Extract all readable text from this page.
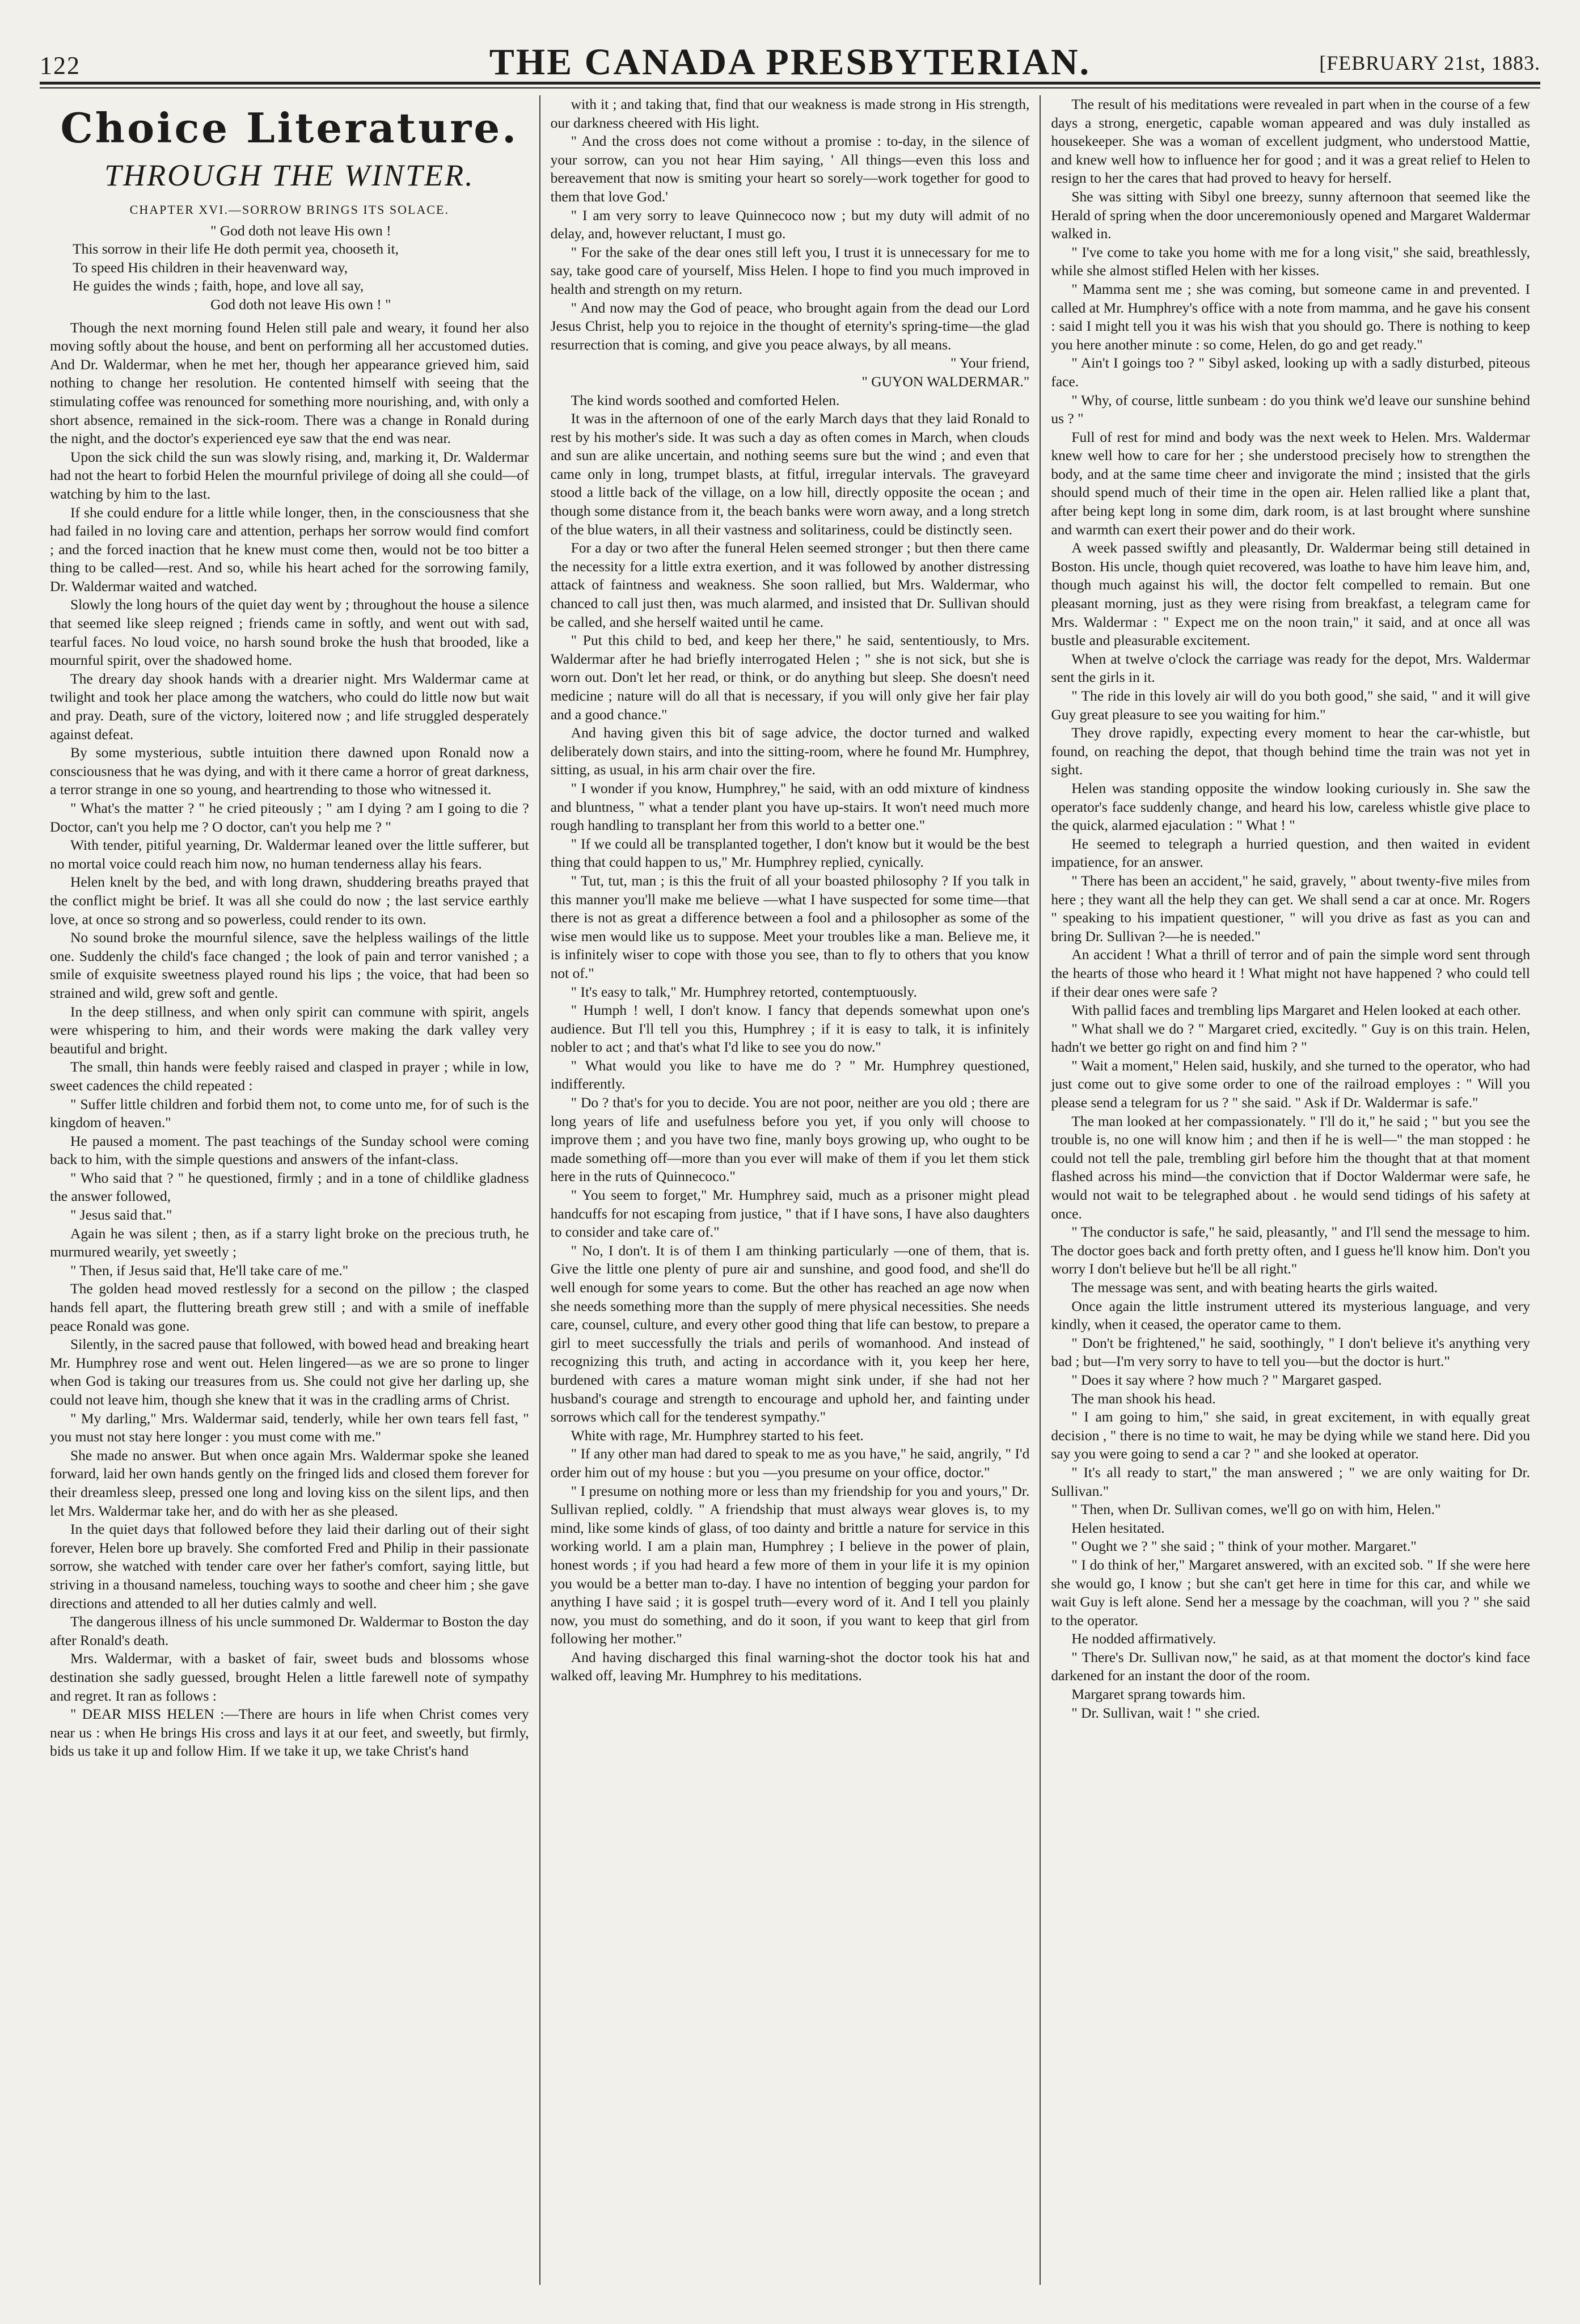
122	THE CANADA PRESBYTERIAN.	[FEBRUARY 21st, 1883.
Choice Literature.
THROUGH THE WINTER.
CHAPTER XVI.—SORROW BRINGS ITS SOLACE.
" God doth not leave His own !
This sorrow in their life He doth permit yea, chooseth it,
To speed His children in their heavenward way,
He guides the winds ; faith, hope, and love all say,
God doth not leave His own ! "

Though the next morning found Helen still pale and weary, it found her also moving softly about the house, and bent on performing all her accustomed duties. And Dr. Waldermar, when he met her, though her appearance grieved him, said nothing to change her resolution. He contented himself with seeing that the stimulating coffee was renounced for something more nourishing, and, with only a short absence, remained in the sick-room. There was a change in Ronald during the night, and the doctor's experienced eye saw that the end was near.

Upon the sick child the sun was slowly rising, and, marking it, Dr. Waldermar had not the heart to forbid Helen the mournful privilege of doing all she could—of watching by him to the last.

If she could endure for a little while longer, then, in the consciousness that she had failed in no loving care and attention, perhaps her sorrow would find comfort ; and the forced inaction that he knew must come then, would not be too bitter a thing to be called—rest. And so, while his heart ached for the sorrowing family, Dr. Waldermar waited and watched.

Slowly the long hours of the quiet day went by ; throughout the house a silence that seemed like sleep reigned ; friends came in softly, and went out with sad, tearful faces. No loud voice, no harsh sound broke the hush that brooded, like a mournful spirit, over the shadowed home.

The dreary day shook hands with a drearier night. Mrs Waldermar came at twilight and took her place among the watchers, who could do little now but wait and pray. Death, sure of the victory, loitered now ; and life struggled desperately against defeat.

By some mysterious, subtle intuition there dawned upon Ronald now a consciousness that he was dying, and with it there came a horror of great darkness, a terror strange in one so young, and heartrending to those who witnessed it.

" What's the matter ? " he cried piteously ; " am I dying ? am I going to die ? Doctor, can't you help me ? O doctor, can't you help me ? "

With tender, pitiful yearning, Dr. Waldermar leaned over the little sufferer, but no mortal voice could reach him now, no human tenderness allay his fears.

Helen knelt by the bed, and with long drawn, shuddering breaths prayed that the conflict might be brief. It was all she could do now ; the last service earthly love, at once so strong and so powerless, could render to its own.

No sound broke the mournful silence, save the helpless wailings of the little one. Suddenly the child's face changed ; the look of pain and terror vanished ; a smile of exquisite sweetness played round his lips ; the voice, that had been so strained and wild, grew soft and gentle.

In the deep stillness, and when only spirit can commune with spirit, angels were whispering to him, and their words were making the dark valley very beautiful and bright.

The small, thin hands were feebly raised and clasped in prayer ; while in low, sweet cadences the child repeated :

" Suffer little children and forbid them not, to come unto me, for of such is the kingdom of heaven."

He paused a moment. The past teachings of the Sunday school were coming back to him, with the simple questions and answers of the infant-class.

" Who said that ? " he questioned, firmly ; and in a tone of childlike gladness the answer followed,

" Jesus said that."

Again he was silent ; then, as if a starry light broke on the precious truth, he murmured wearily, yet sweetly ;

" Then, if Jesus said that, He'll take care of me."

The golden head moved restlessly for a second on the pillow ; the clasped hands fell apart, the fluttering breath grew still ; and with a smile of ineffable peace Ronald was gone.

Silently, in the sacred pause that followed, with bowed head and breaking heart Mr. Humphrey rose and went out. Helen lingered—as we are so prone to linger when God is taking our treasures from us. She could not give her darling up, she could not leave him, though she knew that it was in the cradling arms of Christ.

" My darling," Mrs. Waldermar said, tenderly, while her own tears fell fast, " you must not stay here longer : you must come with me."

She made no answer. But when once again Mrs. Waldermar spoke she leaned forward, laid her own hands gently on the fringed lids and closed them forever for their dreamless sleep, pressed one long and loving kiss on the silent lips, and then let Mrs. Waldermar take her, and do with her as she pleased.

In the quiet days that followed before they laid their darling out of their sight forever, Helen bore up bravely. She comforted Fred and Philip in their passionate sorrow, she watched with tender care over her father's comfort, saying little, but striving in a thousand nameless, touching ways to soothe and cheer him ; she gave directions and attended to all her duties calmly and well.

The dangerous illness of his uncle summoned Dr. Waldermar to Boston the day after Ronald's death.

Mrs. Waldermar, with a basket of fair, sweet buds and blossoms whose destination she sadly guessed, brought Helen a little farewell note of sympathy and regret. It ran as follows :

" DEAR MISS HELEN :—There are hours in life when Christ comes very near us : when He brings His cross and lays it at our feet, and sweetly, but firmly, bids us take it up and follow Him. If we take it up, we take Christ's hand

with it ; and taking that, find that our weakness is made strong in His strength, our darkness cheered with His light.

" And the cross does not come without a promise : to-day, in the silence of your sorrow, can you not hear Him saying, ' All things—even this loss and bereavement that now is smiting your heart so sorely—work together for good to them that love God.'

" I am very sorry to leave Quinnecoco now ; but my duty will admit of no delay, and, however reluctant, I must go.

" For the sake of the dear ones still left you, I trust it is unnecessary for me to say, take good care of yourself, Miss Helen. I hope to find you much improved in health and strength on my return.

" And now may the God of peace, who brought again from the dead our Lord Jesus Christ, help you to rejoice in the thought of eternity's spring-time—the glad resurrection that is coming, and give you peace always, by all means.

" Your friend,

" GUYON WALDERMAR."

The kind words soothed and comforted Helen.

It was in the afternoon of one of the early March days that they laid Ronald to rest by his mother's side. It was such a day as often comes in March, when clouds and sun are alike uncertain, and nothing seems sure but the wind ; and even that came only in long, trumpet blasts, at fitful, irregular intervals. The graveyard stood a little back of the village, on a low hill, directly opposite the ocean ; and though some distance from it, the beach banks were worn away, and a long stretch of the blue waters, in all their vastness and solitariness, could be distinctly seen.

For a day or two after the funeral Helen seemed stronger ; but then there came the necessity for a little extra exertion, and it was followed by another distressing attack of faintness and weakness. She soon rallied, but Mrs. Waldermar, who chanced to call just then, was much alarmed, and insisted that Dr. Sullivan should be called, and she herself waited until he came.

" Put this child to bed, and keep her there," he said, sententiously, to Mrs. Waldermar after he had briefly interrogated Helen ; " she is not sick, but she is worn out. Don't let her read, or think, or do anything but sleep. She doesn't need medicine ; nature will do all that is necessary, if you will only give her fair play and a good chance."

And having given this bit of sage advice, the doctor turned and walked deliberately down stairs, and into the sitting-room, where he found Mr. Humphrey, sitting, as usual, in his arm chair over the fire.

" I wonder if you know, Humphrey," he said, with an odd mixture of kindness and bluntness, " what a tender plant you have up-stairs. It won't need much more rough handling to transplant her from this world to a better one."

" If we could all be transplanted together, I don't know but it would be the best thing that could happen to us," Mr. Humphrey replied, cynically.

" Tut, tut, man ; is this the fruit of all your boasted philosophy ? If you talk in this manner you'll make me believe —what I have suspected for some time—that there is not as great a difference between a fool and a philosopher as some of the wise men would like us to suppose. Meet your troubles like a man. Believe me, it is infinitely wiser to cope with those you see, than to fly to others that you know not of."

" It's easy to talk," Mr. Humphrey retorted, contemptuously.

" Humph ! well, I don't know. I fancy that depends somewhat upon one's audience. But I'll tell you this, Humphrey ; if it is easy to talk, it is infinitely nobler to act ; and that's what I'd like to see you do now."

" What would you like to have me do ? " Mr. Humphrey questioned, indifferently.

" Do ? that's for you to decide. You are not poor, neither are you old ; there are long years of life and usefulness before you yet, if you only will choose to improve them ; and you have two fine, manly boys growing up, who ought to be made something off—more than you ever will make of them if you let them stick here in the ruts of Quinnecoco."

" You seem to forget," Mr. Humphrey said, much as a prisoner might plead handcuffs for not escaping from justice, " that if I have sons, I have also daughters to consider and take care of."

" No, I don't. It is of them I am thinking particularly —one of them, that is. Give the little one plenty of pure air and sunshine, and good food, and she'll do well enough for some years to come. But the other has reached an age now when she needs something more than the supply of mere physical necessities. She needs care, counsel, culture, and every other good thing that life can bestow, to prepare a girl to meet successfully the trials and perils of womanhood. And instead of recognizing this truth, and acting in accordance with it, you keep her here, burdened with cares a mature woman might sink under, if she had not her husband's courage and strength to encourage and uphold her, and fainting under sorrows which call for the tenderest sympathy."

White with rage, Mr. Humphrey started to his feet.

" If any other man had dared to speak to me as you have," he said, angrily, " I'd order him out of my house : but you —you presume on your office, doctor."

" I presume on nothing more or less than my friendship for you and yours," Dr. Sullivan replied, coldly. " A friendship that must always wear gloves is, to my mind, like some kinds of glass, of too dainty and brittle a nature for service in this working world. I am a plain man, Humphrey ; I believe in the power of plain, honest words ; if you had heard a few more of them in your life it is my opinion you would be a better man to-day. I have no intention of begging your pardon for anything I have said ; it is gospel truth—every word of it. And I tell you plainly now, you must do something, and do it soon, if you want to keep that girl from following her mother."

And having discharged this final warning-shot the doctor took his hat and walked off, leaving Mr. Humphrey to his meditations.

The result of his meditations were revealed in part when in the course of a few days a strong, energetic, capable woman appeared and was duly installed as housekeeper. She was a woman of excellent judgment, who understood Mattie, and knew well how to influence her for good ; and it was a great relief to Helen to resign to her the cares that had proved to heavy for herself.

She was sitting with Sibyl one breezy, sunny afternoon that seemed like the Herald of spring when the door unceremoniously opened and Margaret Waldermar walked in.

" I've come to take you home with me for a long visit," she said, breathlessly, while she almost stifled Helen with her kisses.

" Mamma sent me ; she was coming, but someone came in and prevented. I called at Mr. Humphrey's office with a note from mamma, and he gave his consent : said I might tell you it was his wish that you should go. There is nothing to keep you here another minute : so come, Helen, do go and get ready."

" Ain't I goings too ? " Sibyl asked, looking up with a sadly disturbed, piteous face.

" Why, of course, little sunbeam : do you think we'd leave our sunshine behind us ? "

Full of rest for mind and body was the next week to Helen. Mrs. Waldermar knew well how to care for her ; she understood precisely how to strengthen the body, and at the same time cheer and invigorate the mind ; insisted that the girls should spend much of their time in the open air. Helen rallied like a plant that, after being kept long in some dim, dark room, is at last brought where sunshine and warmth can exert their power and do their work.

A week passed swiftly and pleasantly, Dr. Waldermar being still detained in Boston. His uncle, though quiet recovered, was loathe to have him leave him, and, though much against his will, the doctor felt compelled to remain. But one pleasant morning, just as they were rising from breakfast, a telegram came for Mrs. Waldermar : " Expect me on the noon train," it said, and at once all was bustle and pleasurable excitement.

When at twelve o'clock the carriage was ready for the depot, Mrs. Waldermar sent the girls in it.

" The ride in this lovely air will do you both good," she said, " and it will give Guy great pleasure to see you waiting for him."

They drove rapidly, expecting every moment to hear the car-whistle, but found, on reaching the depot, that though behind time the train was not yet in sight.

Helen was standing opposite the window looking curiously in. She saw the operator's face suddenly change, and heard his low, careless whistle give place to the quick, alarmed ejaculation : " What ! "

He seemed to telegraph a hurried question, and then waited in evident impatience, for an answer.

" There has been an accident," he said, gravely, " about twenty-five miles from here ; they want all the help they can get. We shall send a car at once. Mr. Rogers " speaking to his impatient questioner, " will you drive as fast as you can and bring Dr. Sullivan ?—he is needed."

An accident ! What a thrill of terror and of pain the simple word sent through the hearts of those who heard it ! What might not have happened ? who could tell if their dear ones were safe ?

With pallid faces and trembling lips Margaret and Helen looked at each other.

" What shall we do ? " Margaret cried, excitedly. " Guy is on this train. Helen, hadn't we better go right on and find him ? "

" Wait a moment," Helen said, huskily, and she turned to the operator, who had just come out to give some order to one of the railroad employes : " Will you please send a telegram for us ? " she said. " Ask if Dr. Waldermar is safe."

The man looked at her compassionately. " I'll do it," he said ; " but you see the trouble is, no one will know him ; and then if he is well—" the man stopped : he could not tell the pale, trembling girl before him the thought that at that moment flashed across his mind—the conviction that if Doctor Waldermar were safe, he would not wait to be telegraphed about . he would send tidings of his safety at once.

" The conductor is safe," he said, pleasantly, " and I'll send the message to him. The doctor goes back and forth pretty often, and I guess he'll know him. Don't you worry I don't believe but he'll be all right."

The message was sent, and with beating hearts the girls waited.

Once again the little instrument uttered its mysterious language, and very kindly, when it ceased, the operator came to them.

" Don't be frightened," he said, soothingly, " I don't believe it's anything very bad ; but—I'm very sorry to have to tell you—but the doctor is hurt."

" Does it say where ? how much ? " Margaret gasped.

The man shook his head.

" I am going to him," she said, in great excitement, in with equally great decision , " there is no time to wait, he may be dying while we stand here. Did you say you were going to send a car ? " and she looked at operator.

" It's all ready to start," the man answered ; " we are only waiting for Dr. Sullivan."

" Then, when Dr. Sullivan comes, we'll go on with him, Helen."

Helen hesitated.

" Ought we ? " she said ; " think of your mother. Margaret."

" I do think of her," Margaret answered, with an excited sob. " If she were here she would go, I know ; but she can't get here in time for this car, and while we wait Guy is left alone. Send her a message by the coachman, will you ? " she said to the operator.

He nodded affirmatively.

" There's Dr. Sullivan now," he said, as at that moment the doctor's kind face darkened for an instant the door of the room.

Margaret sprang towards him.

" Dr. Sullivan, wait ! " she cried.
